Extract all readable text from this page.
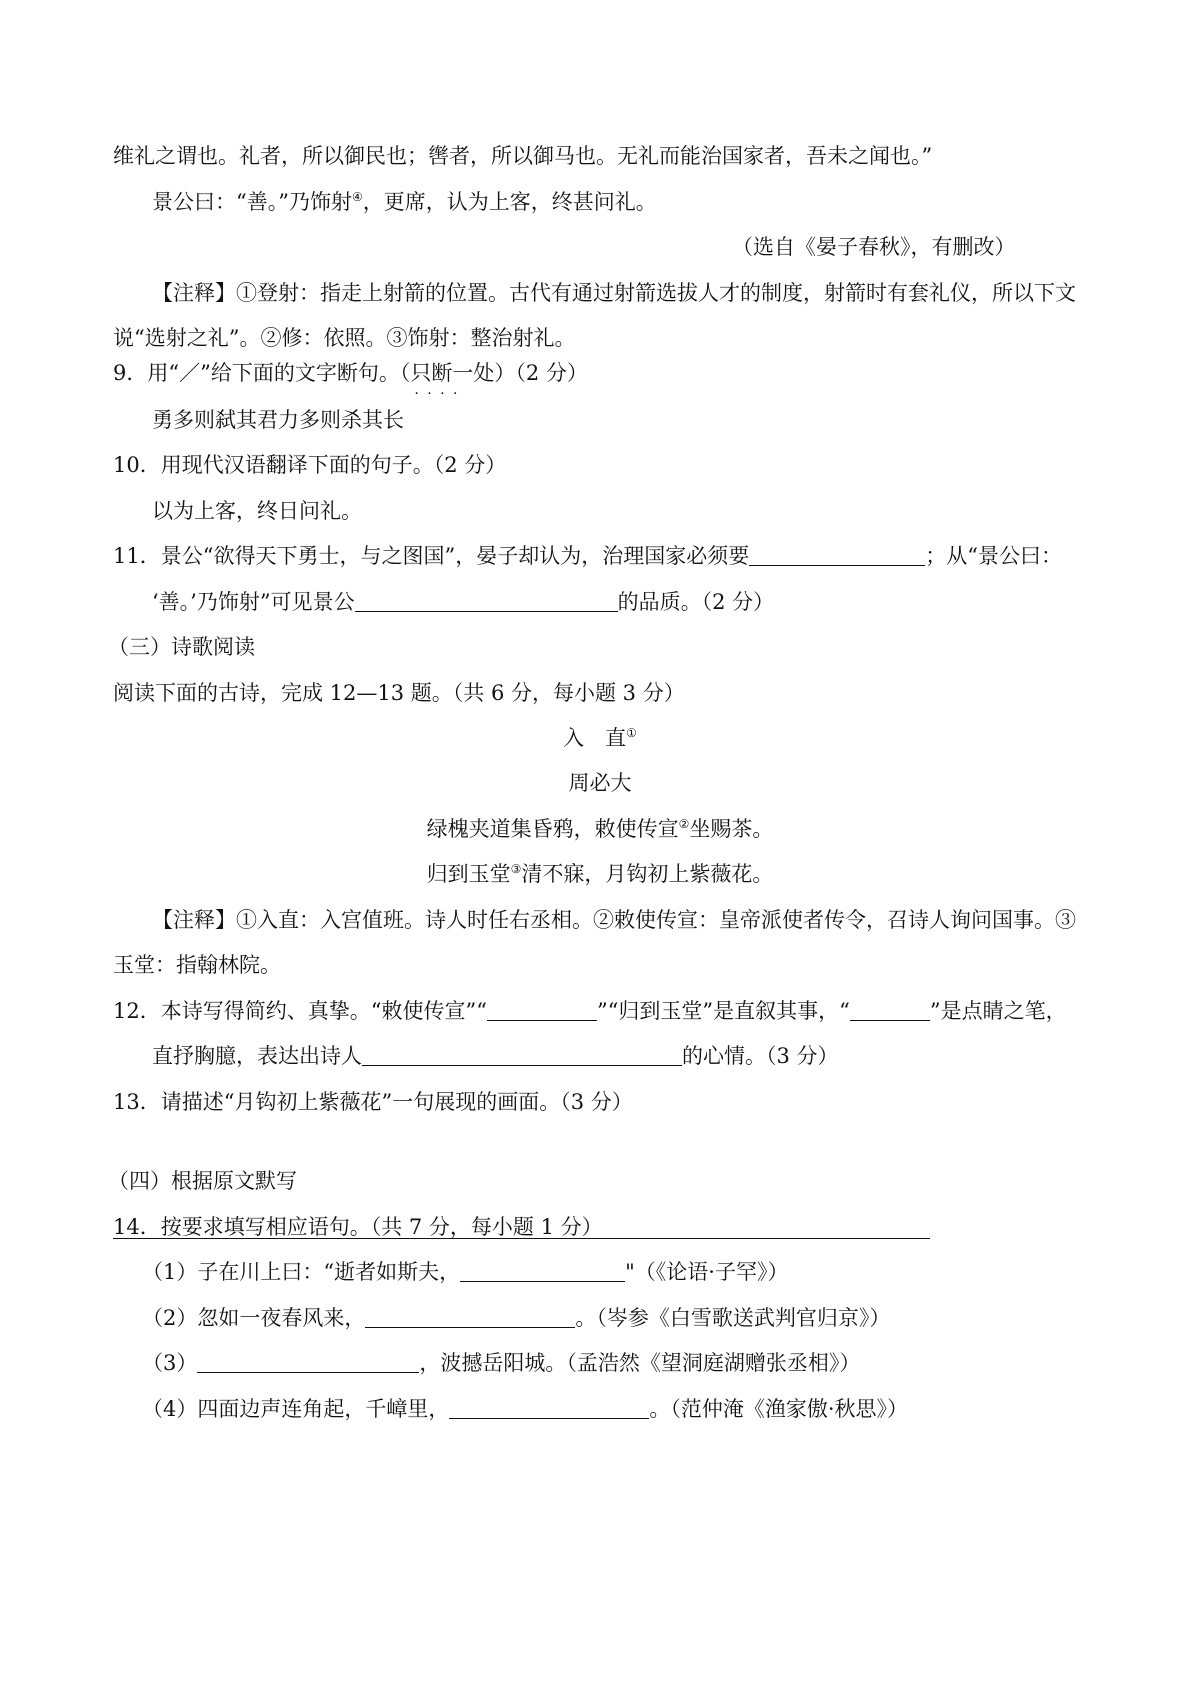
维礼之谓也。礼者，所以御民也；辔者，所以御马也。无礼而能治国家者，吾未之闻也。”
景公曰：“善。”乃饰射④，更席，认为上客，终甚问礼。
（选自《晏子春秋》，有删改）
【注释】①登射：指走上射箭的位置。古代有通过射箭选拔人才的制度，射箭时有套礼仪，所以下文
说“选射之礼”。②修：依照。③饰射：整治射礼。
9．用“／”给下面的文字断句。（只断一处 · · ）（2 分）
勇多则弑其君力多则杀其长
10．用现代汉语翻译下面的句子。（2 分）
以为上客，终日问礼。
11．景公“欲得天下勇士，与之图国”，晏子却认为，治理国家必须要	；从“景公曰：
‘善。’乃饰射”可见景公	的品质。（2 分）
（三）诗歌阅读
阅读下面的古诗，完成 12—13 题。（共 6 分，每小题 3 分）
入　直①
周必大
绿槐夹道集昏鸦，敕使传宣②坐赐茶。
归到玉堂③清不寐，月钩初上紫薇花。
【注释】①入直：入宫值班。诗人时任右丞相。②敕使传宣：皇帝派使者传令，召诗人询问国事。③
玉堂：指翰林院。
12．本诗写得简约、真挚。“敕使传宣”“	”“归到玉堂”是直叙其事，“	”是点睛之笔，
直抒胸臆，表达出诗人	的心情。（3 分）
13．请描述“月钩初上紫薇花”一句展现的画面。（3 分）
（四）根据原文默写
14．按要求填写相应语句。（共 7 分，每小题 1 分）
（1）子在川上曰：“逝者如斯夫，	"（《论语·子罕》）
（2）忽如一夜春风来，	。（岑参《白雪歌送武判官归京》）
（3）	，波撼岳阳城。（孟浩然《望洞庭湖赠张丞相》）
（4）四面边声连角起，千嶂里，	。（范仲淹《渔家傲·秋思》）
